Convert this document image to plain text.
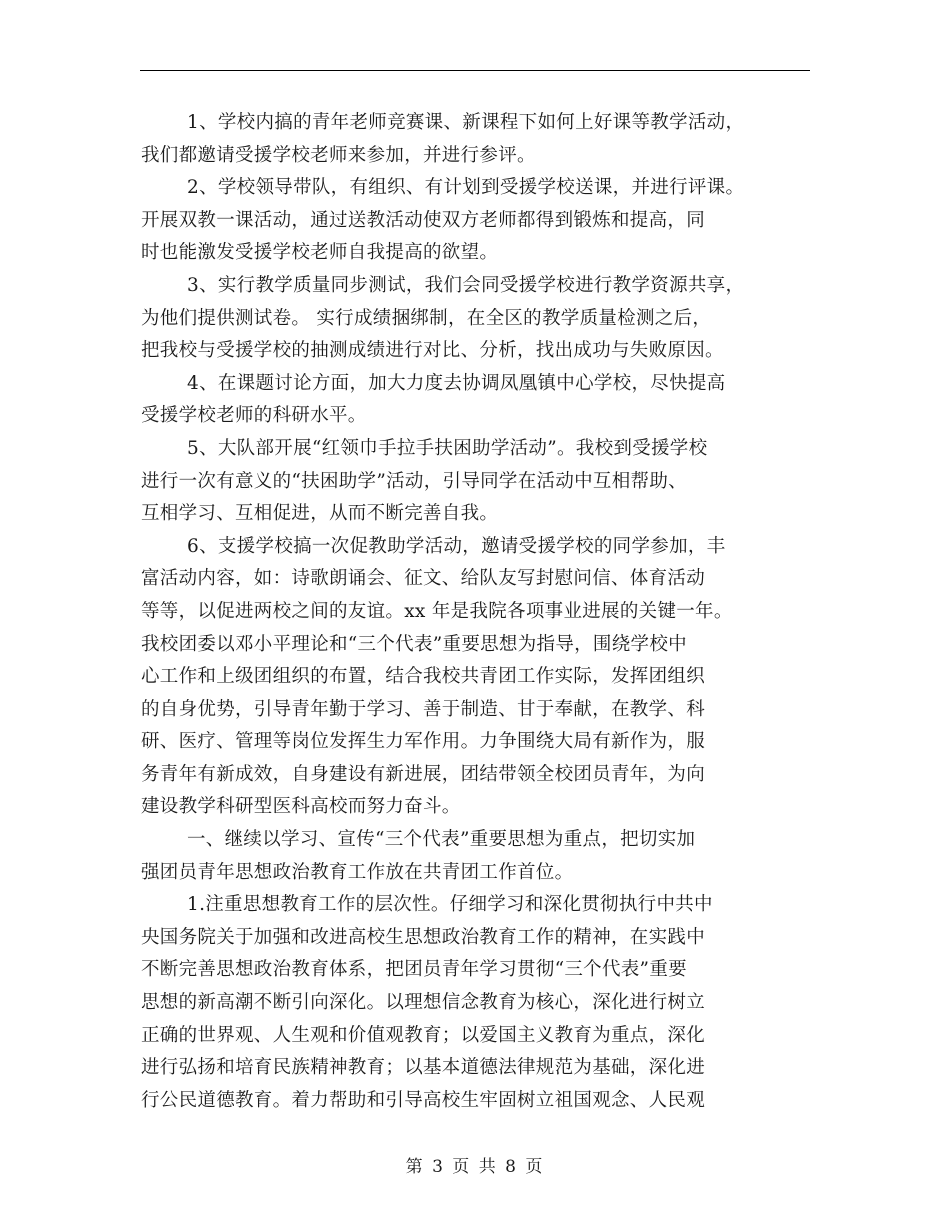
1、学校内搞的青年老师竞赛课、新课程下如何上好课等教学活动，
我们都邀请受援学校老师来参加，并进行参评。
2、学校领导带队，有组织、有计划到受援学校送课，并进行评课。
开展双教一课活动，通过送教活动使双方老师都得到锻炼和提高，同
时也能激发受援学校老师自我提高的欲望。
3、实行教学质量同步测试，我们会同受援学校进行教学资源共享，
为他们提供测试卷。 实行成绩捆绑制，在全区的教学质量检测之后，
把我校与受援学校的抽测成绩进行对比、分析，找出成功与失败原因。
4、在课题讨论方面，加大力度去协调凤凰镇中心学校，尽快提高
受援学校老师的科研水平。
5、大队部开展“红领巾手拉手扶困助学活动”。我校到受援学校
进行一次有意义的“扶困助学”活动，引导同学在活动中互相帮助、
互相学习、互相促进，从而不断完善自我。
6、支援学校搞一次促教助学活动，邀请受援学校的同学参加，丰
富活动内容，如：诗歌朗诵会、征文、给队友写封慰问信、体育活动
等等，以促进两校之间的友谊。xx 年是我院各项事业进展的关键一年。
我校团委以邓小平理论和“三个代表”重要思想为指导，围绕学校中
心工作和上级团组织的布置，结合我校共青团工作实际，发挥团组织
的自身优势，引导青年勤于学习、善于制造、甘于奉献，在教学、科
研、医疗、管理等岗位发挥生力军作用。力争围绕大局有新作为，服
务青年有新成效，自身建设有新进展，团结带领全校团员青年，为向
建设教学科研型医科高校而努力奋斗。
一、继续以学习、宣传“三个代表”重要思想为重点，把切实加
强团员青年思想政治教育工作放在共青团工作首位。
1.注重思想教育工作的层次性。仔细学习和深化贯彻执行中共中
央国务院关于加强和改进高校生思想政治教育工作的精神，在实践中
不断完善思想政治教育体系，把团员青年学习贯彻“三个代表”重要
思想的新高潮不断引向深化。以理想信念教育为核心，深化进行树立
正确的世界观、人生观和价值观教育；以爱国主义教育为重点，深化
进行弘扬和培育民族精神教育；以基本道德法律规范为基础，深化进
行公民道德教育。着力帮助和引导高校生牢固树立祖国观念、人民观
第 3 页 共 8 页
